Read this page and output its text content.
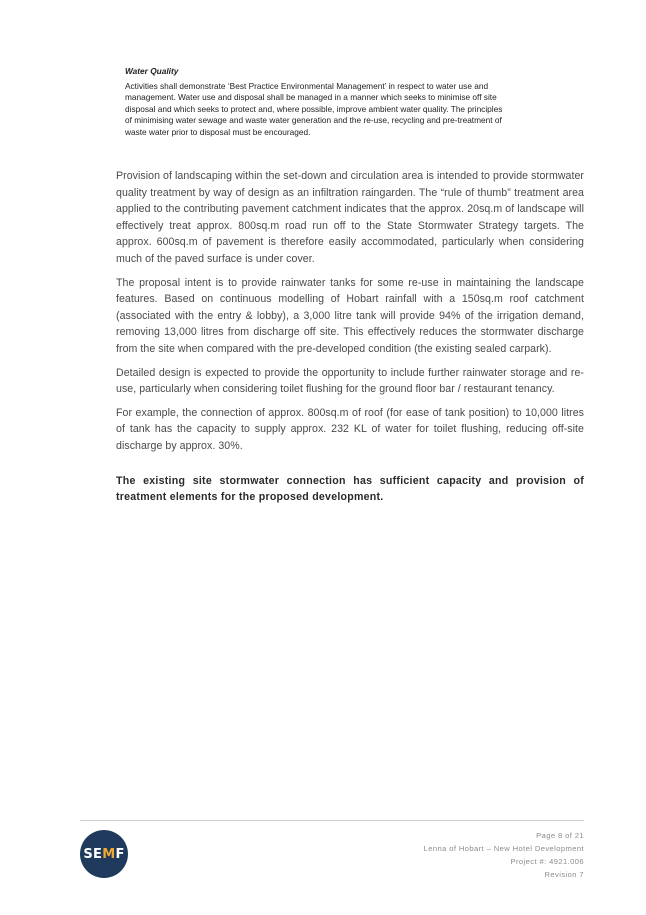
Water Quality

Activities shall demonstrate ‘Best Practice Environmental Management’ in respect to water use and management. Water use and disposal shall be managed in a manner which seeks to minimise off site disposal and which seeks to protect and, where possible, improve ambient water quality. The principles of minimising water sewage and waste water generation and the re-use, recycling and pre-treatment of waste water prior to disposal must be encouraged.

Provision of landscaping within the set-down and circulation area is intended to provide stormwater quality treatment by way of design as an infiltration raingarden. The “rule of thumb” treatment area applied to the contributing pavement catchment indicates that the approx. 20sq.m of landscape will effectively treat approx. 800sq.m road run off to the State Stormwater Strategy targets. The approx. 600sq.m of pavement is therefore easily accommodated, particularly when considering much of the paved surface is under cover.

The proposal intent is to provide rainwater tanks for some re-use in maintaining the landscape features. Based on continuous modelling of Hobart rainfall with a 150sq.m roof catchment (associated with the entry & lobby), a 3,000 litre tank will provide 94% of the irrigation demand, removing 13,000 litres from discharge off site. This effectively reduces the stormwater discharge from the site when compared with the pre-developed condition (the existing sealed carpark).

Detailed design is expected to provide the opportunity to include further rainwater storage and re-use, particularly when considering toilet flushing for the ground floor bar / restaurant tenancy.

For example, the connection of approx. 800sq.m of roof (for ease of tank position) to 10,000 litres of tank has the capacity to supply approx. 232 KL of water for toilet flushing, reducing off-site discharge by approx. 30%.

The existing site stormwater connection has sufficient capacity and provision of treatment elements for the proposed development.

SEMF
Page 8 of 21
Lenna of Hobart – New Hotel Development
Project #: 4921.006
Revision 7
